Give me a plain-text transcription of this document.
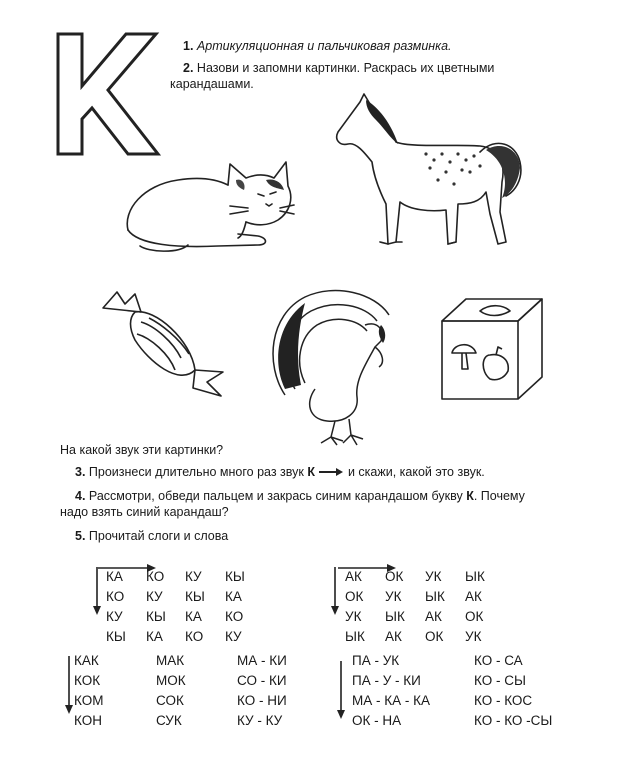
1. Артикуляционная и пальчиковая разминка.
2. Назови и запомни картинки. Раскрась их цветными
карандашами.
На какой звук эти картинки?
3. Произнеси длительно много раз звук К	и скажи, какой это звук.
4. Рассмотри, обведи пальцем и закрась синим карандашом букву К. Почему
надо взять синий карандаш?
5. Прочитай слоги и слова
КА	КО	КУ	КЫ
КО	КУ	КЫ	КА
КУ	КЫ	КА	КО
КЫ	КА	КО	КУ
АК	ОК	УК	ЫК
ОК	УК	ЫК	АК
УК	ЫК	АК	ОК
ЫК	АК	ОК	УК
КАК	МАК	МА - КИ
КОК	МОК	СО - КИ
КОМ	СОК	КО - НИ
КОН	СУК	КУ - КУ
ПА - УК	КО - СА
ПА - У - КИ	КО - СЫ
МА - КА - КА	КО - КОС
ОК - НА	КО - КО -СЫ
